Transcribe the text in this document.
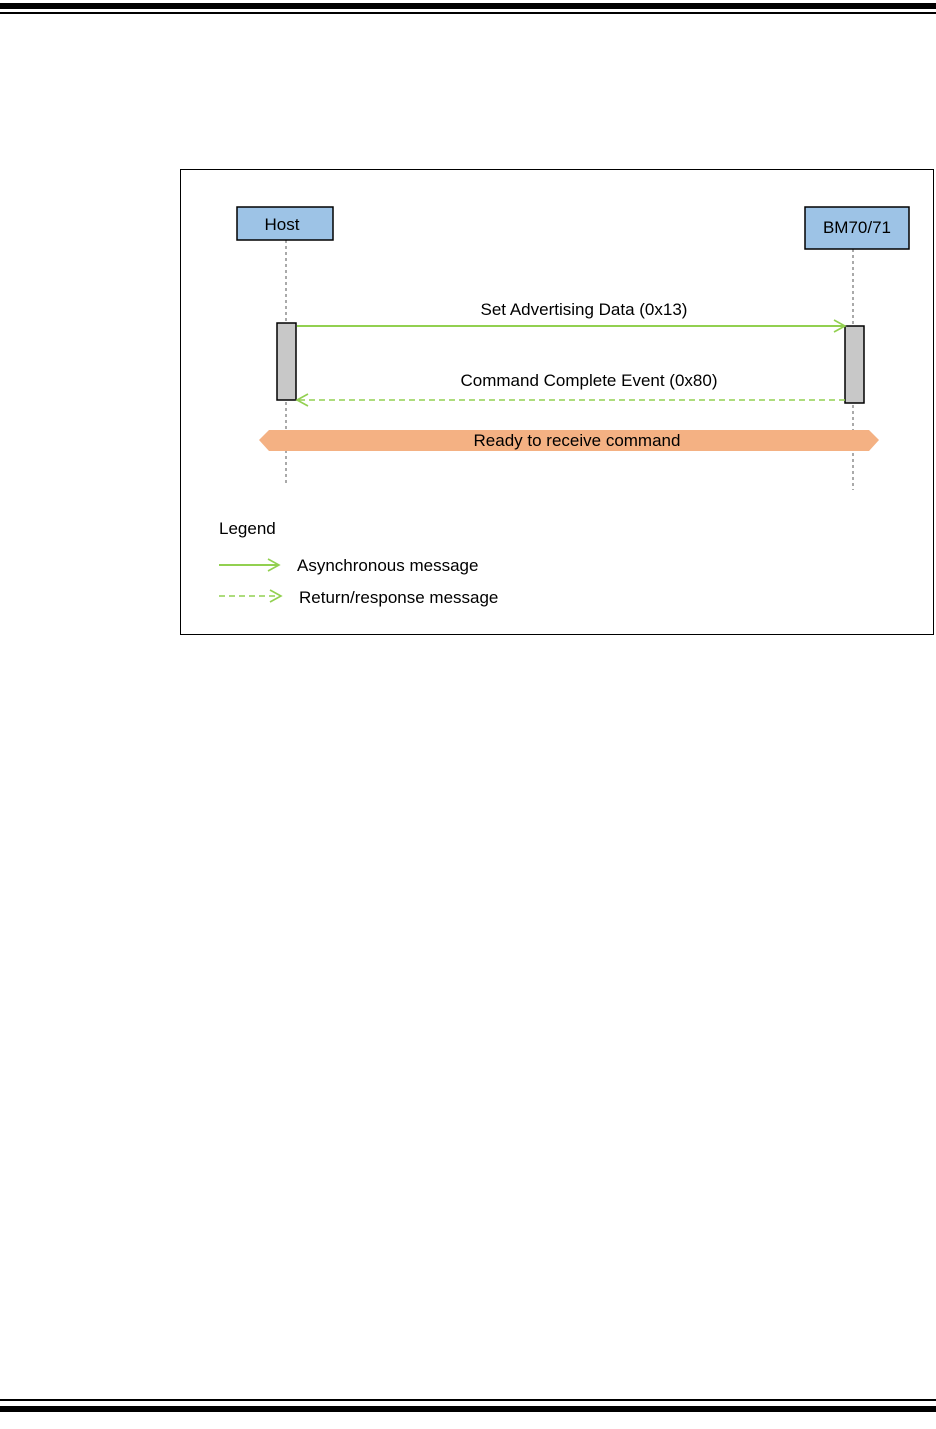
Host	BM70/71
Set Advertising Data (0x13)
Command Complete Event (0x80)
Ready to receive command
Legend
Asynchronous message
Return/response message
